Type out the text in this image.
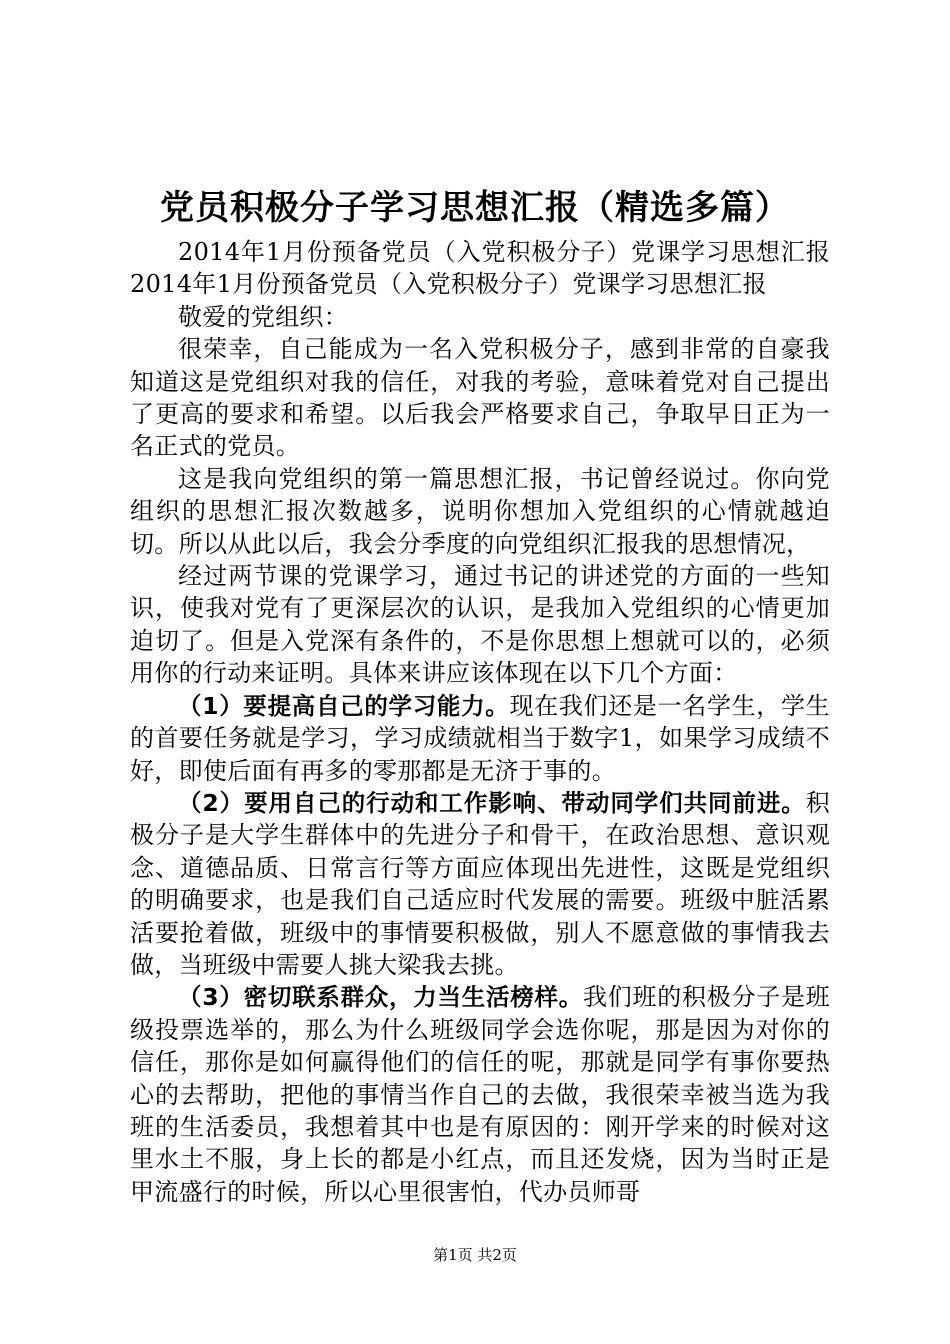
党员积极分子学习思想汇报（精选多篇）

2014年1月份预备党员（入党积极分子）党课学习思想汇报2014年1月份预备党员（入党积极分子）党课学习思想汇报

敬爱的党组织：

很荣幸，自己能成为一名入党积极分子，感到非常的自豪我知道这是党组织对我的信任，对我的考验，意味着党对自己提出了更高的要求和希望。以后我会严格要求自己，争取早日正为一名正式的党员。

这是我向党组织的第一篇思想汇报，书记曾经说过。你向党组织的思想汇报次数越多，说明你想加入党组织的心情就越迫切。所以从此以后，我会分季度的向党组织汇报我的思想情况，

经过两节课的党课学习，通过书记的讲述党的方面的一些知识，使我对党有了更深层次的认识，是我加入党组织的心情更加迫切了。但是入党深有条件的，不是你思想上想就可以的，必须用你的行动来证明。具体来讲应该体现在以下几个方面：

（1）要提高自己的学习能力。现在我们还是一名学生，学生的首要任务就是学习，学习成绩就相当于数字1，如果学习成绩不好，即使后面有再多的零那都是无济于事的。

（2）要用自己的行动和工作影响、带动同学们共同前进。积极分子是大学生群体中的先进分子和骨干，在政治思想、意识观念、道德品质、日常言行等方面应体现出先进性，这既是党组织的明确要求，也是我们自己适应时代发展的需要。班级中脏活累活要抢着做，班级中的事情要积极做，别人不愿意做的事情我去做，当班级中需要人挑大梁我去挑。

（3）密切联系群众，力当生活榜样。我们班的积极分子是班级投票选举的，那么为什么班级同学会选你呢，那是因为对你的信任，那你是如何赢得他们的信任的呢，那就是同学有事你要热心的去帮助，把他的事情当作自己的去做，我很荣幸被当选为我班的生活委员，我想着其中也是有原因的：刚开学来的时候对这里水土不服，身上长的都是小红点，而且还发烧，因为当时正是甲流盛行的时候，所以心里很害怕，代办员师哥

第1页 共2页
